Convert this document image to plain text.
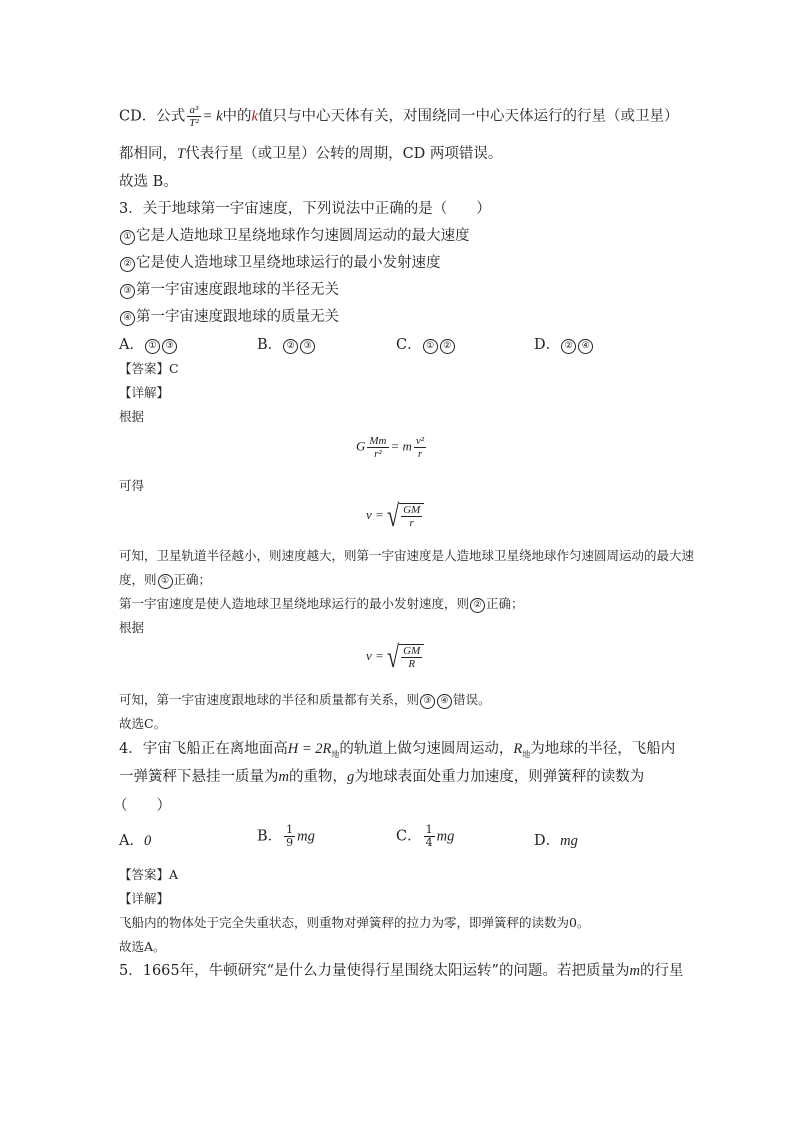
CD．公式 $\frac{\text{a³}}{\text{T²}} = k$中的k值只与中心天体有关，对围绕同一中心天体运行的行星（或卫星）
都相同，T代表行星（或卫星）公转的周期，CD 两项错误。
故选 B。
3．关于地球第一宇宙速度，下列说法中正确的是（　　）
① 它是人造地球卫星绕地球作匀速圆周运动的最大速度
② 它是使人造地球卫星绕地球运行的最小发射速度
③ 第一宇宙速度跟地球的半径无关
④ 第一宇宙速度跟地球的质量无关
A． ① ③	B． ② ③	C． ① ②	D． ② ④
【答案】C
【详解】
根据
G $\frac{Mm}{\text{r²}} = m \frac{\text{v²}}{r}$
可得
v = √ $\frac{GM}{r}$
可知，卫星轨道半径越小，则速度越大，则第一宇宙速度是人造地球卫星绕地球作匀速圆周运动的最大速
度，则 ① 正确；
第一宇宙速度是使人造地球卫星绕地球运行的最小发射速度，则 ② 正确；
根据
v = √ $\frac{GM}{R}$
可知，第一宇宙速度跟地球的半径和质量都有关系，则 ③ ④ 错误。
故选C。
4．宇宙飞船正在离地面高$H = 2R_地$的轨道上做匀速圆周运动，$R_地$为地球的半径，飞船内
一弹簧秤下悬挂一质量为m的重物，g为地球表面处重力加速度，则弹簧秤的读数为
（　　）
A．0	B． $\frac{1}{9}$ mg	C． $\frac{1}{4}$ mg	D．mg
【答案】A
【详解】
飞船内的物体处于完全失重状态，则重物对弹簧秤的拉力为零，即弹簧秤的读数为0。
故选A。
5．1665年，牛顿研究“是什么力量使得行星围绕太阳运转”的问题。若把质量为m的行星
